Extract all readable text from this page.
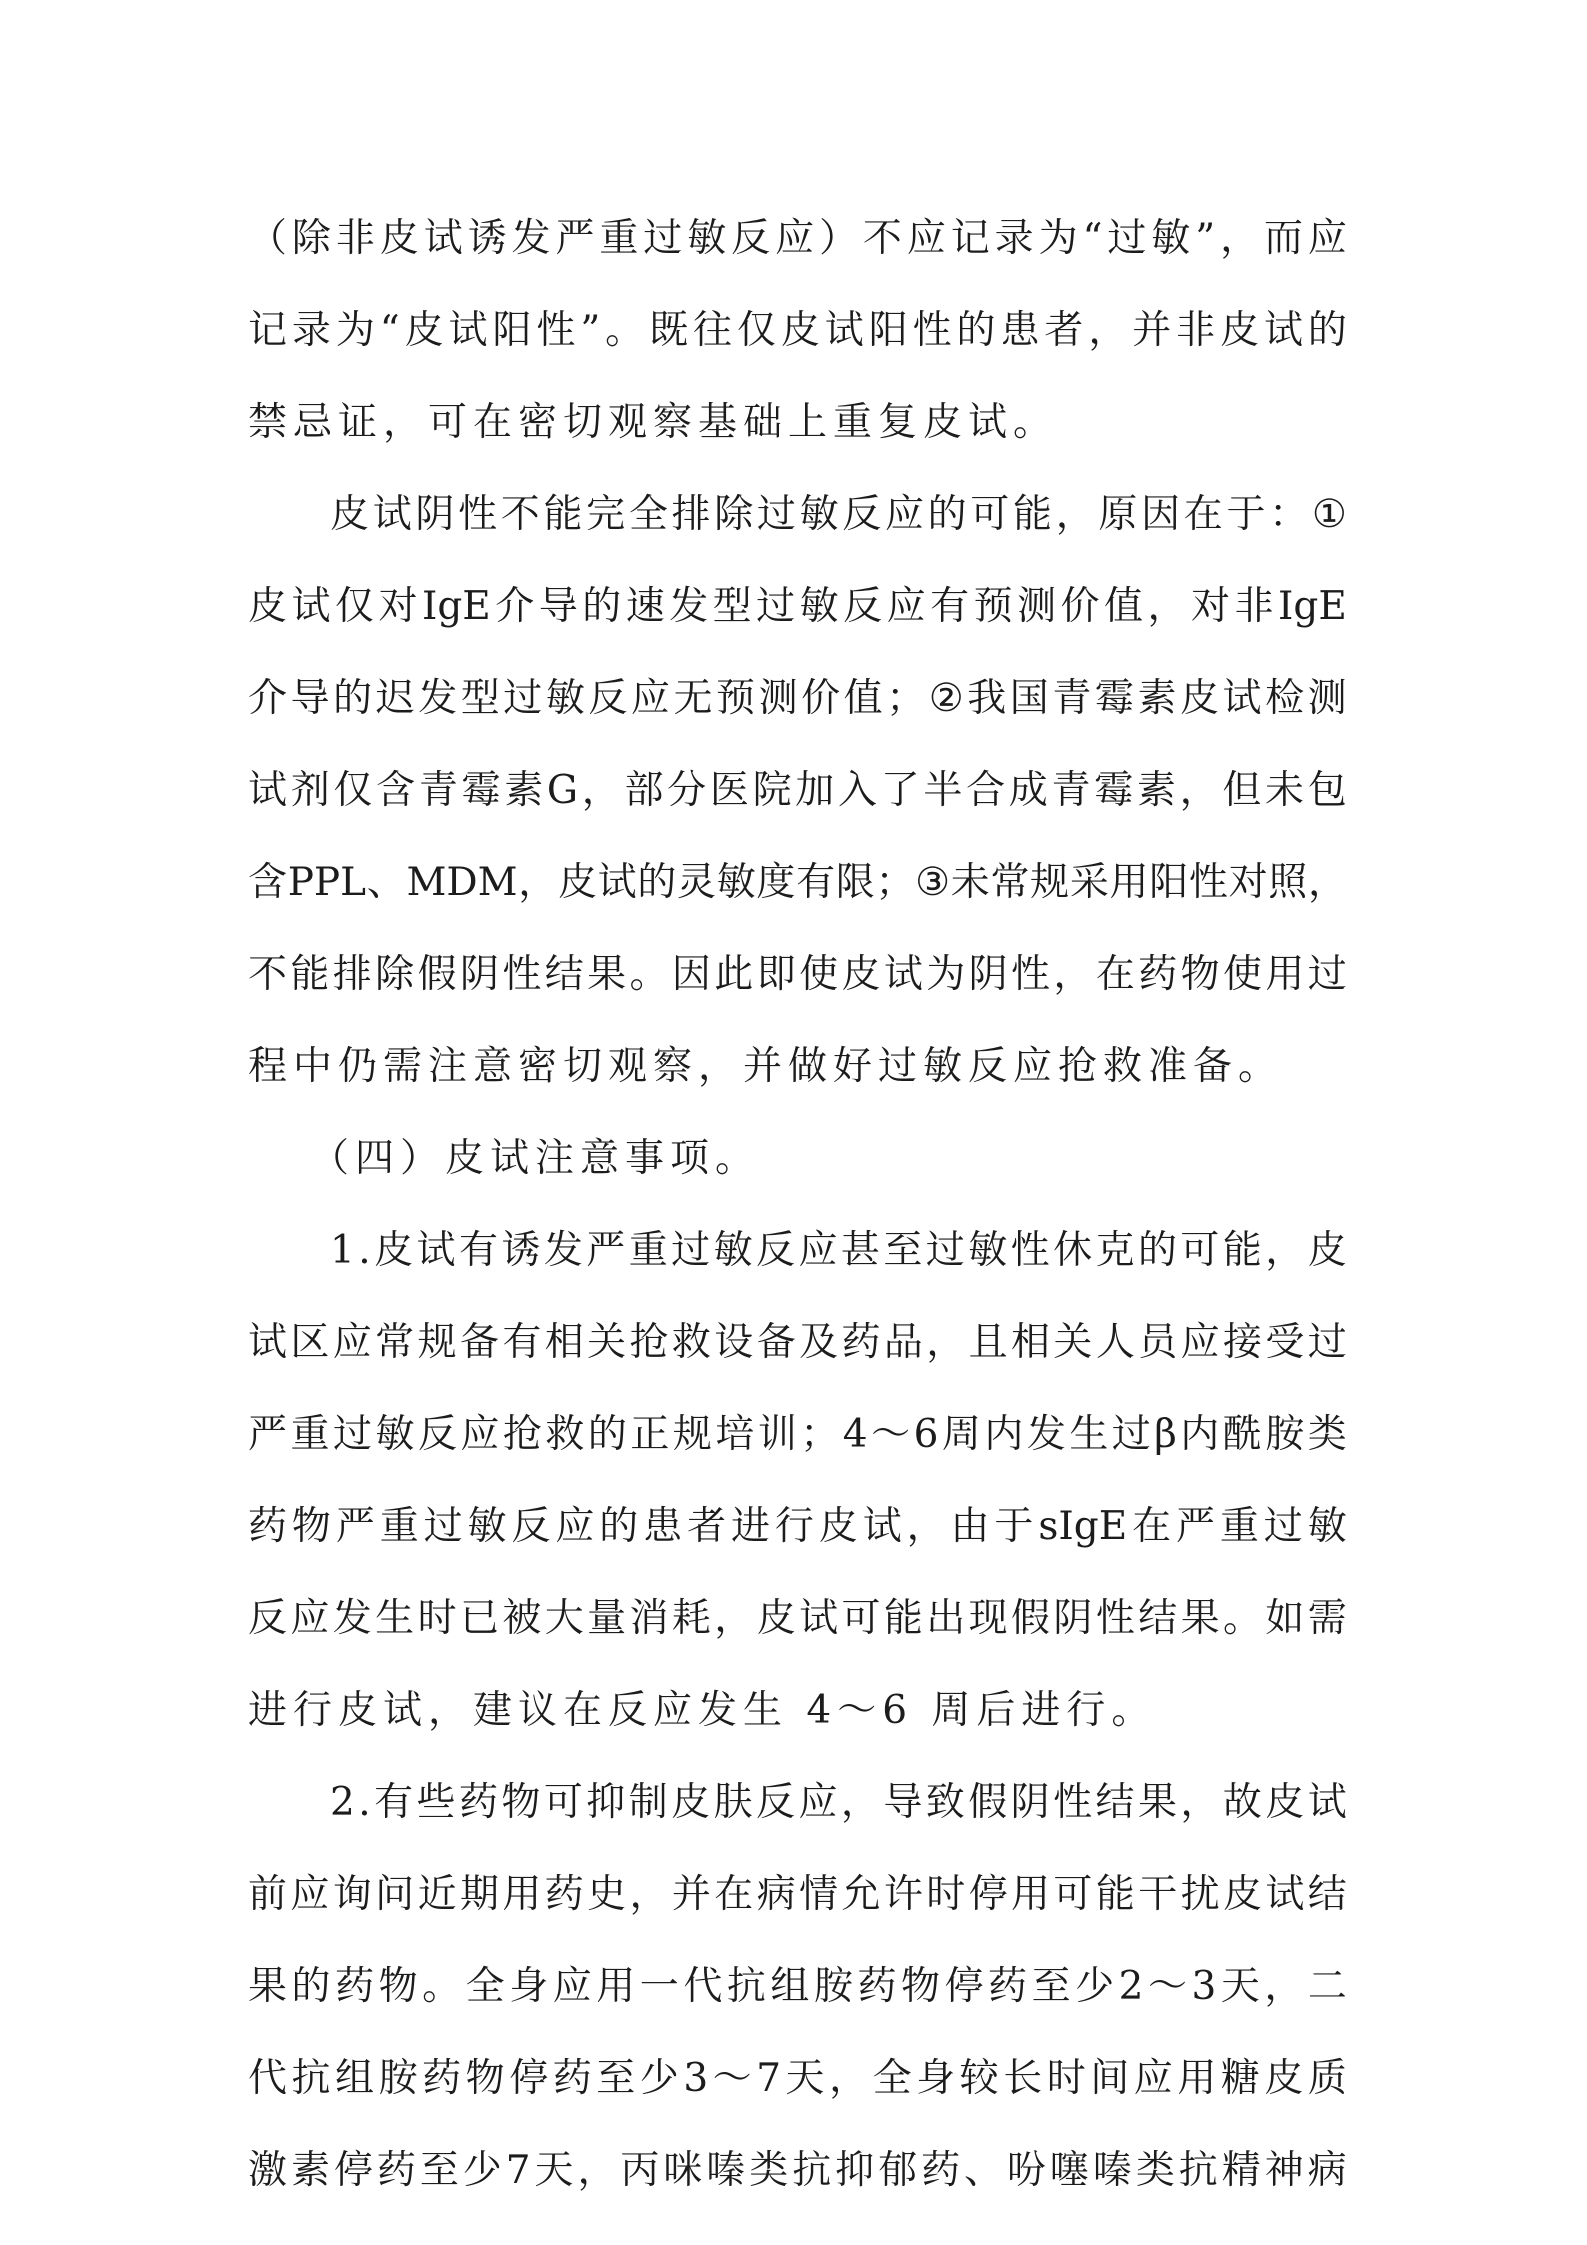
（ 除 非 皮 试 诱 发 严 重 过 敏 反 应 ） 不 应 记 录 为 “ 过 敏 ” ， 而 应
记 录 为 “ 皮 试 阳 性 ” 。 既 往 仅 皮 试 阳 性 的 患 者 ， 并 非 皮 试 的
禁忌证，可在密切观察基础上重复皮试。
皮 试 阴 性 不 能 完 全 排 除 过 敏 反 应 的 可 能 ， 原 因 在 于 ： ①
皮 试 仅 对 IgE 介 导 的 速 发 型 过 敏 反 应 有 预 测 价 值 ， 对 非 IgE
介 导 的 迟 发 型 过 敏 反 应 无 预 测 价 值 ； ② 我 国 青 霉 素 皮 试 检 测
试 剂 仅 含 青 霉 素 G ， 部 分 医 院 加 入 了 半 合 成 青 霉 素 ， 但 未 包
含 PPL 、 MDM ， 皮 试 的 灵 敏 度 有 限 ； ③ 未 常 规 采 用 阳 性 对 照 ，
不 能 排 除 假 阴 性 结 果 。 因 此 即 使 皮 试 为 阴 性 ， 在 药 物 使 用 过
程中仍需注意密切观察，并做好过敏反应抢救准备。
（四）皮试注意事项。
1 . 皮 试 有 诱 发 严 重 过 敏 反 应 甚 至 过 敏 性 休 克 的 可 能 ， 皮
试 区 应 常 规 备 有 相 关 抢 救 设 备 及 药 品 ， 且 相 关 人 员 应 接 受 过
严 重 过 敏 反 应 抢 救 的 正 规 培 训 ； 4 ～ 6 周 内 发 生 过 β 内 酰 胺 类
药 物 严 重 过 敏 反 应 的 患 者 进 行 皮 试 ， 由 于 sIgE 在 严 重 过 敏
反 应 发 生 时 已 被 大 量 消 耗 ， 皮 试 可 能 出 现 假 阴 性 结 果 。 如 需
进行皮试，建议在反应发生 4～6 周后进行。
2 . 有 些 药 物 可 抑 制 皮 肤 反 应 ， 导 致 假 阴 性 结 果 ， 故 皮 试
前 应 询 问 近 期 用 药 史 ， 并 在 病 情 允 许 时 停 用 可 能 干 扰 皮 试 结
果 的 药 物 。 全 身 应 用 一 代 抗 组 胺 药 物 停 药 至 少 2 ～ 3 天 ， 二
代 抗 组 胺 药 物 停 药 至 少 3 ～ 7 天 ， 全 身 较 长 时 间 应 用 糖 皮 质
激 素 停 药 至 少 7 天 ， 丙 咪 嗪 类 抗 抑 郁 药 、 吩 噻 嗪 类 抗 精 神 病
